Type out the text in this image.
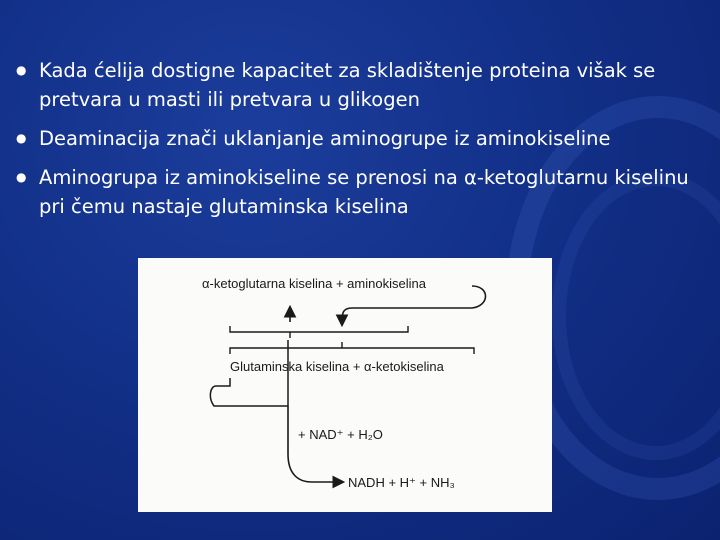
● Kada ćelija dostigne kapacitet za skladištenje proteina višak se pretvara u masti ili pretvara u glikogen
● Deaminacija znači uklanjanje aminogrupe iz aminokiseline
● Aminogrupa iz aminokiseline se prenosi na α-ketoglutarnu kiselinu pri čemu nastaje glutaminska kiselina
α-ketoglutarna kiselina + aminokiselina
Glutaminska kiselina + α-ketokiselina
+ NAD⁺ + H₂O
NADH + H⁺ + NH₃
